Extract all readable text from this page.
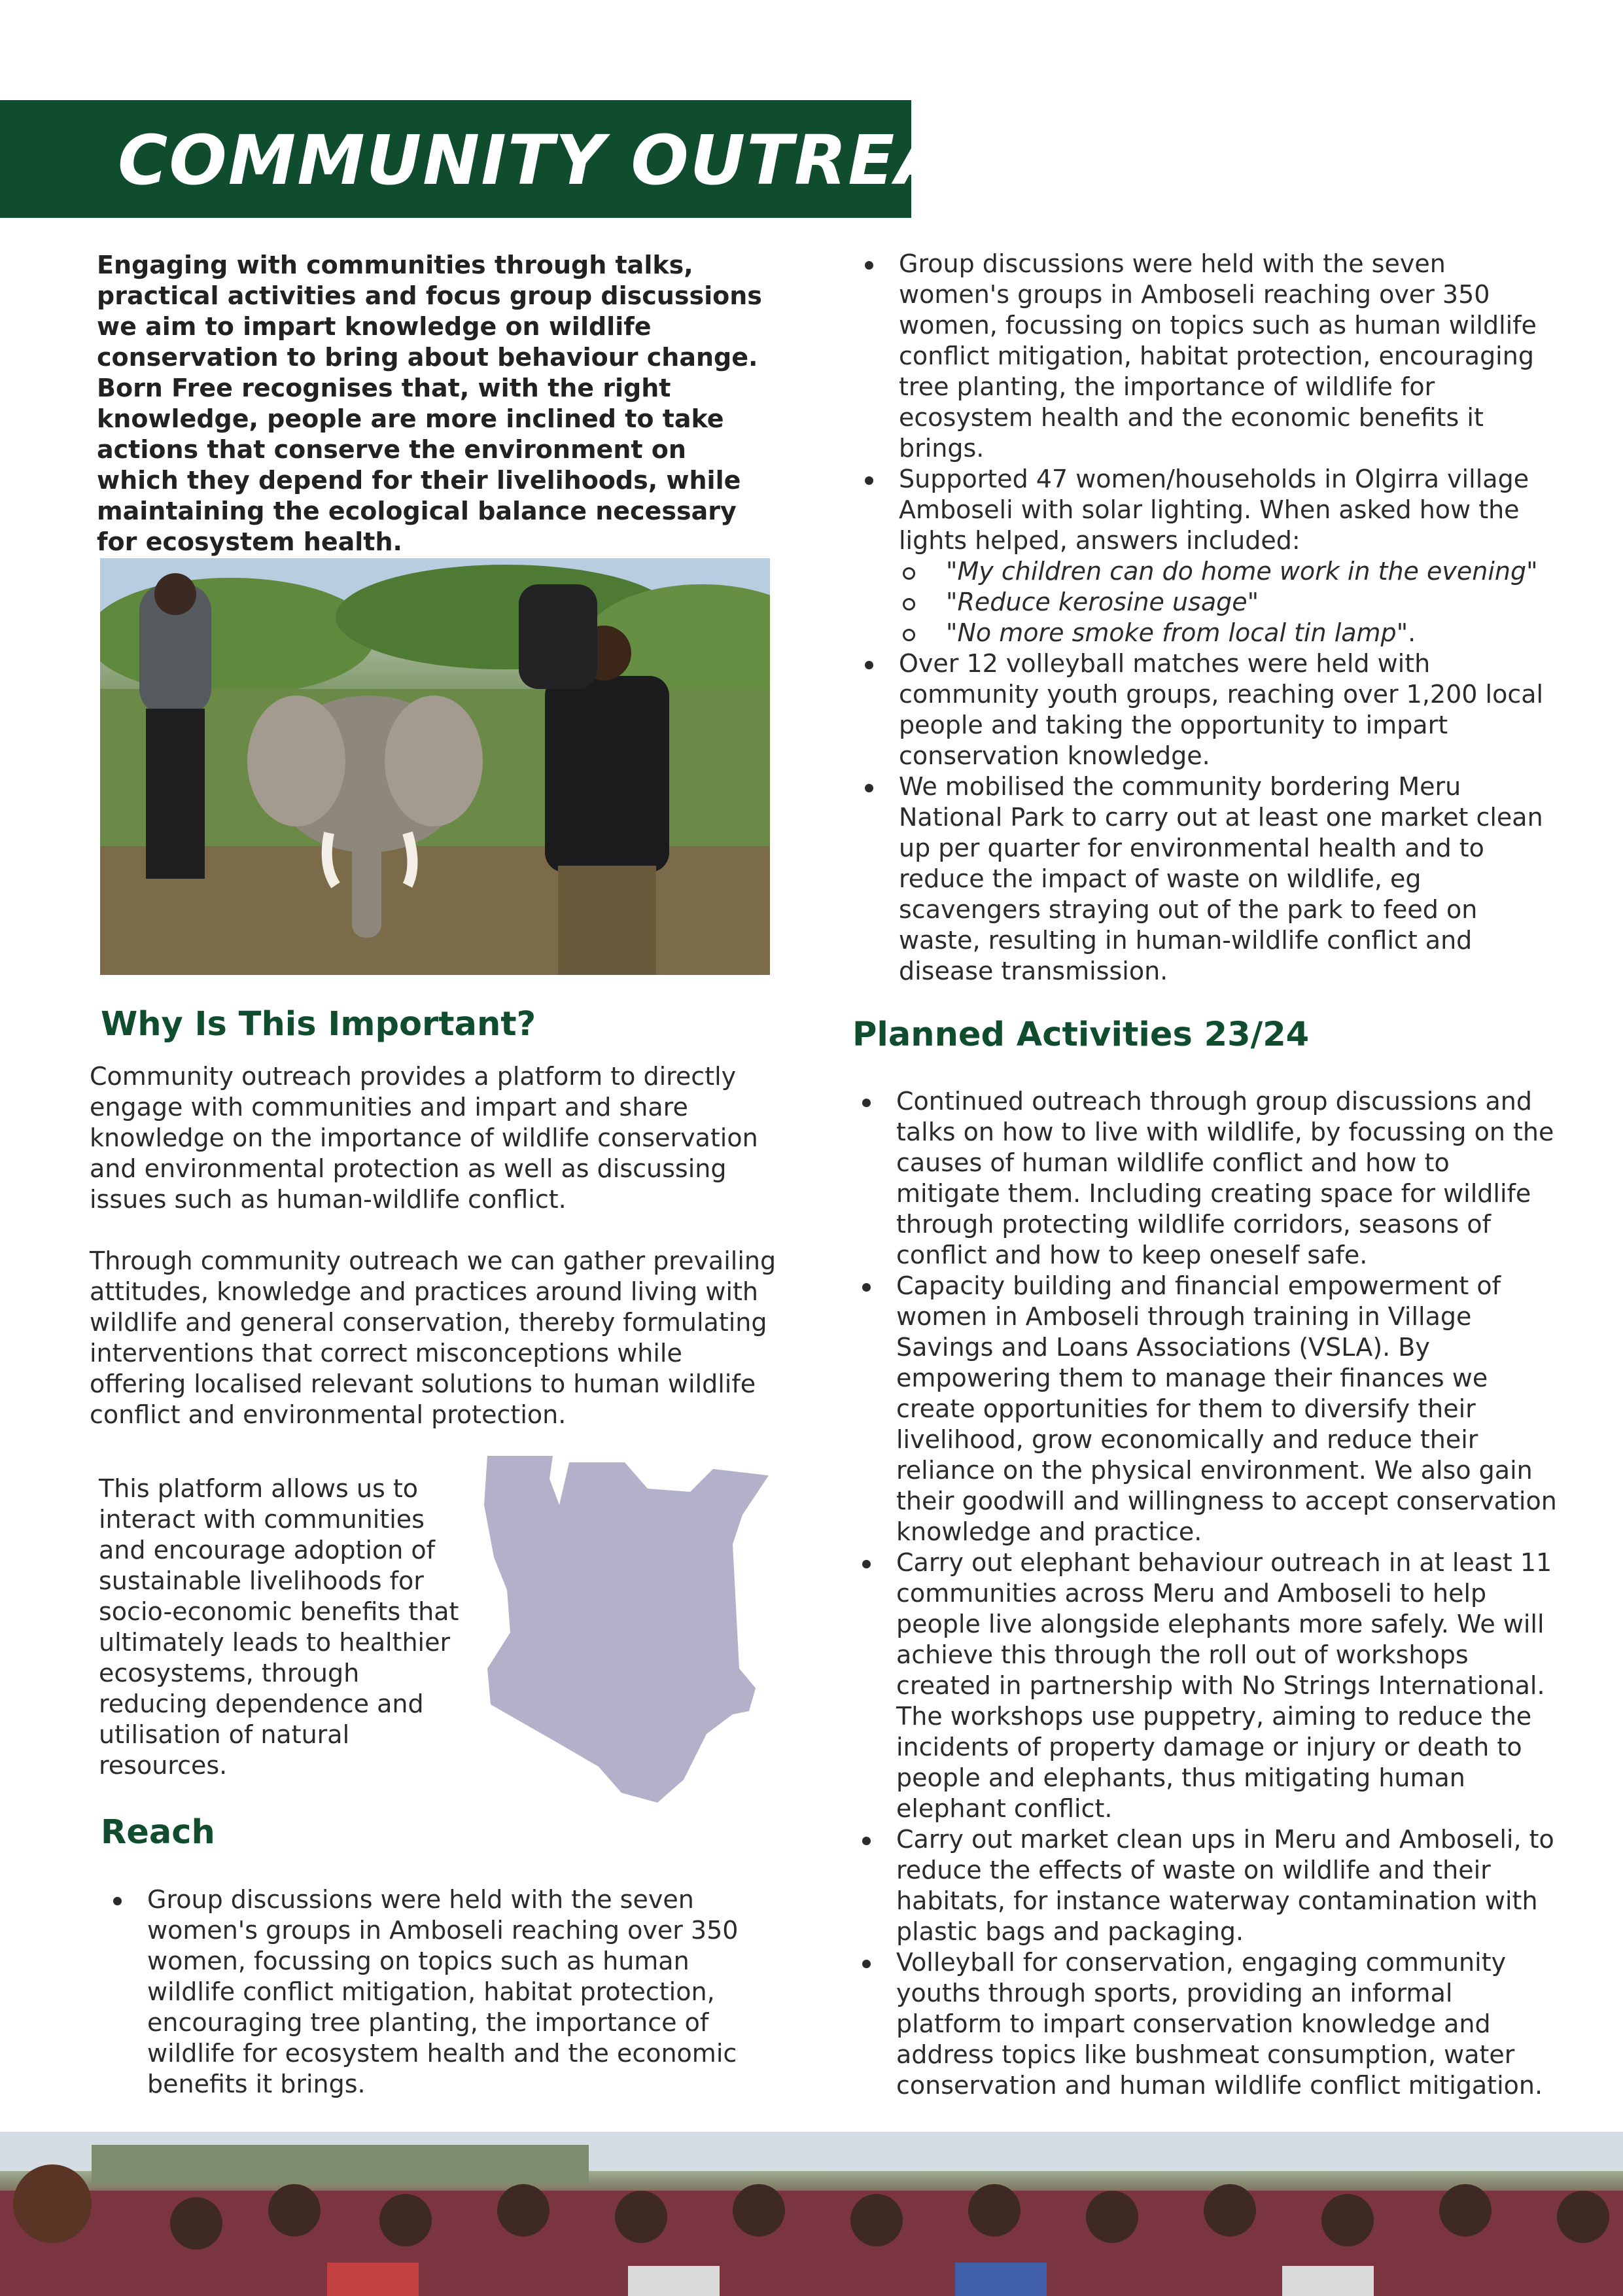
COMMUNITY OUTREACH

Engaging with communities through talks, practical activities and focus group discussions we aim to impart knowledge on wildlife conservation to bring about behaviour change. Born Free recognises that, with the right knowledge, people are more inclined to take actions that conserve the environment on which they depend for their livelihoods, while maintaining the ecological balance necessary for ecosystem health.

Why Is This Important?

Community outreach provides a platform to directly engage with communities and impart and share knowledge on the importance of wildlife conservation and environmental protection as well as discussing issues such as human-wildlife conflict.

Through community outreach we can gather prevailing attitudes, knowledge and practices around living with wildlife and general conservation, thereby formulating interventions that correct misconceptions while offering localised relevant solutions to human wildlife conflict and environmental protection.

This platform allows us to interact with communities and encourage adoption of sustainable livelihoods for socio-economic benefits that ultimately leads to healthier ecosystems, through reducing dependence and utilisation of natural resources.

Reach
Group discussions were held with the seven women's groups in Amboseli reaching over 350 women, focussing on topics such as human wildlife conflict mitigation, habitat protection, encouraging tree planting, the importance of wildlife for ecosystem health and the economic benefits it brings.
Group discussions were held with the seven women's groups in Amboseli reaching over 350 women, focussing on topics such as human wildlife conflict mitigation, habitat protection, encouraging tree planting, the importance of wildlife for ecosystem health and the economic benefits it brings.
Supported 47 women/households in Olgirra village Amboseli with solar lighting. When asked how the lights helped, answers included:
"My children can do home work in the evening"
"Reduce kerosine usage"
"No more smoke from local tin lamp".
Over 12 volleyball matches were held with community youth groups, reaching over 1,200 local people and taking the opportunity to impart conservation knowledge.
We mobilised the community bordering Meru National Park to carry out at least one market clean up per quarter for environmental health and to reduce the impact of waste on wildlife, eg scavengers straying out of the park to feed on waste, resulting in human-wildlife conflict and disease transmission.
Planned Activities 23/24
Continued outreach through group discussions and talks on how to live with wildlife, by focussing on the causes of human wildlife conflict and how to mitigate them. Including creating space for wildlife through protecting wildlife corridors, seasons of conflict and how to keep oneself safe.
Capacity building and financial empowerment of women in Amboseli through training in Village Savings and Loans Associations (VSLA). By empowering them to manage their finances we create opportunities for them to diversify their livelihood, grow economically and reduce their reliance on the physical environment. We also gain their goodwill and willingness to accept conservation knowledge and practice.
Carry out elephant behaviour outreach in at least 11 communities across Meru and Amboseli to help people live alongside elephants more safely. We will achieve this through the roll out of workshops created in partnership with No Strings International. The workshops use puppetry, aiming to reduce the incidents of property damage or injury or death to people and elephants, thus mitigating human elephant conflict.
Carry out market clean ups in Meru and Amboseli, to reduce the effects of waste on wildlife and their habitats, for instance waterway contamination with plastic bags and packaging.
Volleyball for conservation, engaging community youths through sports, providing an informal platform to impart conservation knowledge and address topics like bushmeat consumption, water conservation and human wildlife conflict mitigation.
